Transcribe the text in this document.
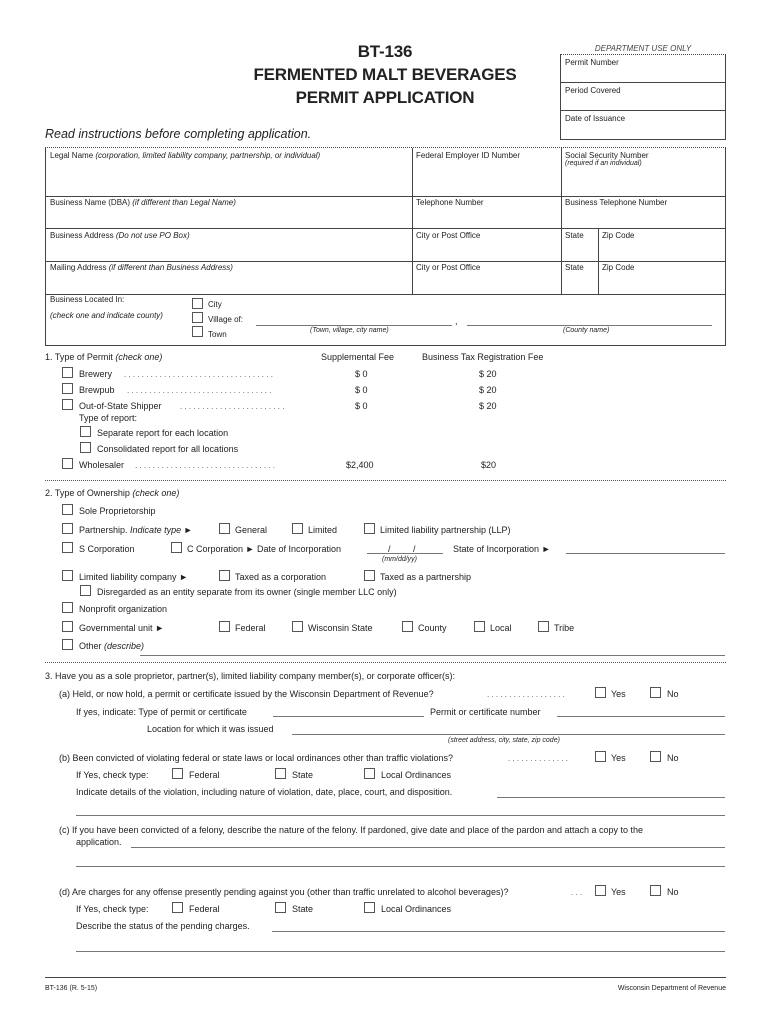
BT-136
FERMENTED MALT BEVERAGES
PERMIT APPLICATION
Read instructions before completing application.
DEPARTMENT USE ONLY
Permit Number
Period Covered
Date of Issuance
Legal Name (corporation, limited liability company, partnership, or individual)	Federal Employer ID Number	Social Security Number
(required if an individual)
Business Name (DBA) (if different than Legal Name)	Telephone Number	Business Telephone Number
Business Address (Do not use PO Box)	City or Post Office	State Zip Code
Mailing Address (if different than Business Address)	City or Post Office	State Zip Code
Business Located In:
(check one and indicate county)
City
Village of:
Town
,
(Town, village, city name)	(County name)
1. Type of Permit (check one)	Supplemental Fee	Business Tax Registration Fee
Brewery . . . . . . . . . . . . . . . . . . . . . . . . . . . . . . . . . .	$ 0	$ 20
Brewpub . . . . . . . . . . . . . . . . . . . . . . . . . . . . . . . . .	$ 0	$ 20
Out-of-State Shipper . . . . . . . . . . . . . . . . . . . . . . . .	$ 0	$ 20
Type of report:
Separate report for each location
Consolidated report for all locations
Wholesaler . . . . . . . . . . . . . . . . . . . . . . . . . . . . . . . .	$2,400	$20
2. Type of Ownership (check one)
Sole Proprietorship
Partnership. Indicate type ►	General	Limited	Limited liability partnership (LLP)
S Corporation	C Corporation ► Date of Incorporation	/ /
(mm/dd/yy)
State of Incorporation ►
Limited liability company ►	Taxed as a corporation	Taxed as a partnership
Disregarded as an entity separate from its owner (single member LLC only)
Nonprofit organization
Governmental unit ►	Federal	Wisconsin State	County	Local	Tribe
Other (describe)
3. Have you as a sole proprietor, partner(s), limited liability company member(s), or corporate officer(s):
(a) Held, or now hold, a permit or certificate issued by the Wisconsin Department of Revenue?	. . . . . . . . . . . . . . . . . .	Yes	No
If yes, indicate: Type of permit or certificate	Permit or certificate number
Location for which it was issued
(street address, city, state, zip code)
(b) Been convicted of violating federal or state laws or local ordinances other than traffic violations?	. . . . . . . . . . . . . .	Yes	No
If Yes, check type:	Federal	State	Local Ordinances
Indicate details of the violation, including nature of violation, date, place, court, and disposition.
(c) If you have been convicted of a felony, describe the nature of the felony. If pardoned, give date and place of the pardon and attach a copy to the
application.
(d) Are charges for any offense presently pending against you (other than traffic unrelated to alcohol beverages)?	. . .	Yes	No
If Yes, check type:	Federal	State	Local Ordinances
Describe the status of the pending charges.
BT-136 (R. 5-15)	Wisconsin Department of Revenue
